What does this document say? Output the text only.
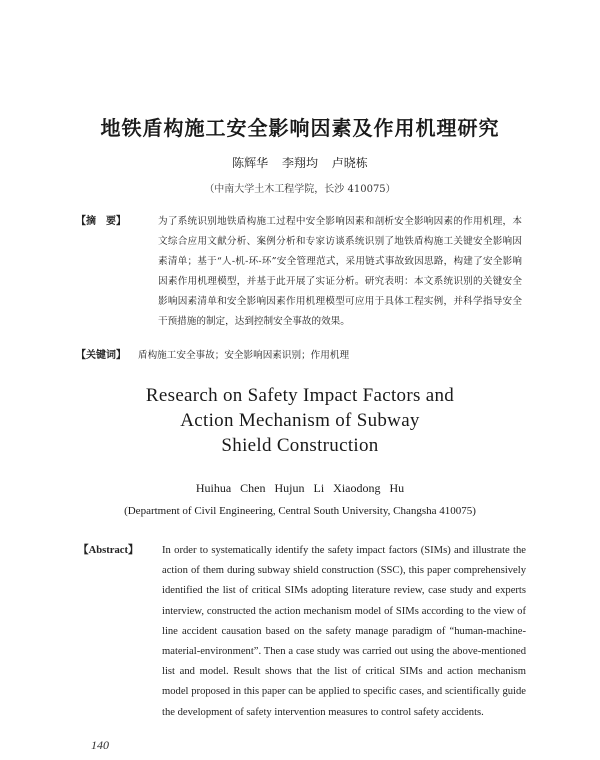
地铁盾构施工安全影响因素及作用机理研究
陈辉华 李翔均 卢晓栋
（中南大学土木工程学院，长沙 410075）
【摘　要】	为了系统识别地铁盾构施工过程中安全影响因素和剖析安全影响因素的作用机理，本文综合应用文献分析、案例分析和专家访谈系统识别了地铁盾构施工关键安全影响因素清单；基于“人-机-环-环”安全管理范式，采用链式事故致因思路，构建了安全影响因素作用机理模型，并基于此开展了实证分析。研究表明：本文系统识别的关键安全影响因素清单和安全影响因素作用机理模型可应用于具体工程实例，并科学指导安全干预措施的制定，达到控制安全事故的效果。
【关键词】 盾构施工安全事故；安全影响因素识别；作用机理
Research on Safety Impact Factors and
Action Mechanism of Subway
Shield Construction
Huihua Chen Hujun Li Xiaodong Hu
(Department of Civil Engineering, Central South University, Changsha 410075)
【Abstract】 In order to systematically identify the safety impact factors (SIMs) and illustrate the action of them during subway shield construction (SSC), this paper comprehensively identified the list of critical SIMs adopting literature review, case study and experts interview, constructed the action mechanism model of SIMs according to the view of line accident causation based on the safety manage paradigm of “human-machine-material-environment”. Then a case study was carried out using the above-mentioned list and model. Result shows that the list of critical SIMs and action mechanism model proposed in this paper can be applied to specific cases, and scientifically guide the development of safety intervention measures to control safety accidents.
140
